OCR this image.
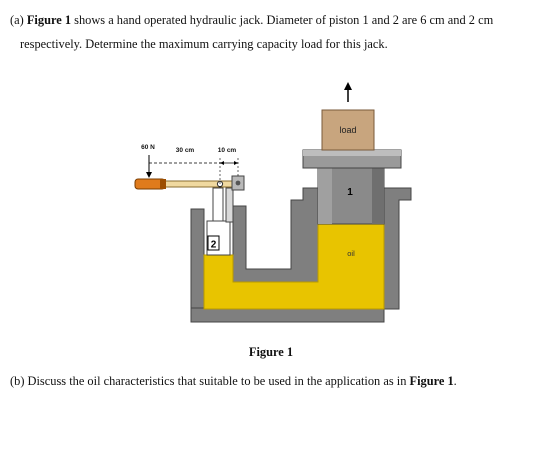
(a) Figure 1 shows a hand operated hydraulic jack. Diameter of piston 1 and 2 are 6 cm and 2 cm
respectively. Determine the maximum carrying capacity load for this jack.
load
1
oil
2
60 N	30 cm	10 cm
Figure 1
(b) Discuss the oil characteristics that suitable to be used in the application as in Figure 1.
